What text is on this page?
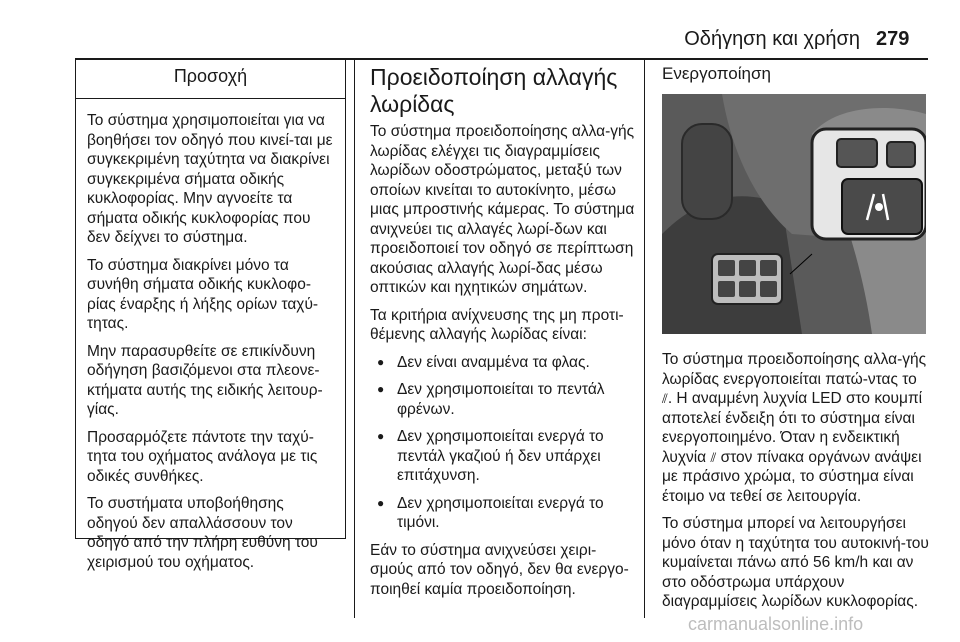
Οδήγηση και χρήση 279
Προσοχή

Το σύστημα χρησιμοποιείται για να βοηθήσει τον οδηγό που κινεί‐ται με συγκεκριμένη ταχύτητα να διακρίνει συγκεκριμένα σήματα οδικής κυκλοφορίας. Μην αγνοείτε τα σήματα οδικής κυκλοφορίας που δεν δείχνει το σύστημα.

Το σύστημα διακρίνει μόνο τα συνήθη σήματα οδικής κυκλοφο‐ρίας έναρξης ή λήξης ορίων ταχύ‐τητας.

Μην παρασυρθείτε σε επικίνδυνη οδήγηση βασιζόμενοι στα πλεονε‐κτήματα αυτής της ειδικής λειτουρ‐γίας.

Προσαρμόζετε πάντοτε την ταχύ‐τητα του οχήματος ανάλογα με τις οδικές συνθήκες.

Το συστήματα υποβοήθησης οδηγού δεν απαλλάσσουν τον οδηγό από την πλήρη ευθύνη του χειρισμού του οχήματος.

Προειδοποίηση αλλαγής λωρίδας

Το σύστημα προειδοποίησης αλλα‐γής λωρίδας ελέγχει τις διαγραμμίσεις λωρίδων οδοστρώματος, μεταξύ των οποίων κινείται το αυτοκίνητο, μέσω μιας μπροστινής κάμερας. Το σύστημα ανιχνεύει τις αλλαγές λωρί‐δων και προειδοποιεί τον οδηγό σε περίπτωση ακούσιας αλλαγής λωρί‐δας μέσω οπτικών και ηχητικών σημάτων.

Τα κριτήρια ανίχνευσης της μη προτι‐θέμενης αλλαγής λωρίδας είναι:

● Δεν είναι αναμμένα τα φλας.
● Δεν χρησιμοποιείται το πεντάλ φρένων.
● Δεν χρησιμοποιείται ενεργά το πεντάλ γκαζιού ή δεν υπάρχει επιτάχυνση.
● Δεν χρησιμοποιείται ενεργά το τιμόνι.

Εάν το σύστημα ανιχνεύσει χειρι‐σμούς από τον οδηγό, δεν θα ενεργο‐ποιηθεί καμία προειδοποίηση.

Ενεργοποίηση

Το σύστημα προειδοποίησης αλλα‐γής λωρίδας ενεργοποιείται πατώ‐ντας το ⫽. Η αναμμένη λυχνία LED στο κουμπί αποτελεί ένδειξη ότι το σύστημα είναι ενεργοποιημένο. Όταν η ενδεικτική λυχνία ⫽ στον πίνακα οργάνων ανάψει με πράσινο χρώμα, το σύστημα είναι έτοιμο να τεθεί σε λειτουργία.

Το σύστημα μπορεί να λειτουργήσει μόνο όταν η ταχύτητα του αυτοκινή‐του κυμαίνεται πάνω από 56 km/h και αν στο οδόστρωμα υπάρχουν διαγραμμίσεις λωρίδων κυκλοφορίας.

carmanualsonline.info
